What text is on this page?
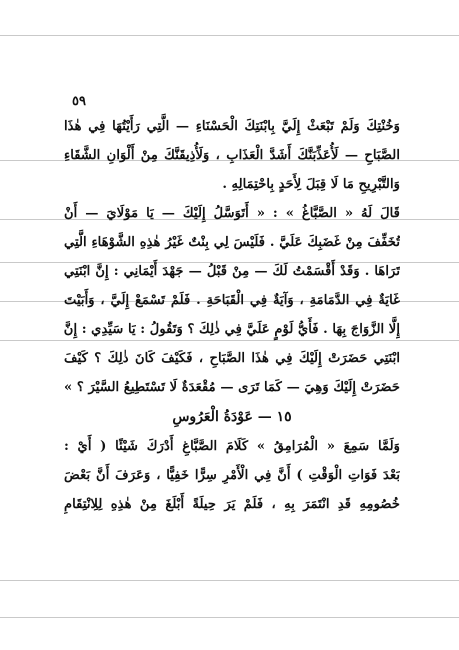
٥٩
وَخُنْتِكَ وَلَمْ تَبْعَثْ إِلَيَّ بِابْنَتِكَ الْحَسْنَاءِ — الَّتِي رَأَيْتُهَا فِي هٰذَا
الصَّبَاحِ — لَأُعَذِّبَنَّكَ أَشَدَّ الْعَذَابِ ، وَلَأُذِيقَنَّكَ مِنْ أَلْوَانِ الشَّقَاءِ
وَالتَّبْرِيحِ مَا لَا قِبَلَ لِأَحَدٍ بِاحْتِمَالِهِ .
قَالَ لَهُ « الصَّبَّاغُ » : « أَتَوَسَّلُ إِلَيْكَ — يَا مَوْلَايَ — أَنْ
تُخَفِّفَ مِنْ غَضَبِكَ عَلَيَّ . فَلَيْسَ لِي بِنْتٌ غَيْرُ هٰذِهِ الشَّوْهَاءِ الَّتِي
تَرَاهَا . وَقَدْ أَقْسَمْتُ لَكَ — مِنْ قَبْلُ — جَهْدَ أَيْمَانِي : إِنَّ ابْنَتِي
غَايَةٌ فِي الدَّمَامَةِ ، وَآيَةٌ فِي الْقَبَاحَةِ . فَلَمْ تَسْمَعْ إِلَيَّ ، وَأَبَيْتَ
إِلَّا الزَّوَاجَ بِهَا . فَأَيُّ لَوْمٍ عَلَيَّ فِي ذٰلِكَ ؟ وَتَقُولُ : يَا سَيِّدِي : إِنَّ
ابْنَتِي حَضَرَتْ إِلَيْكَ فِي هٰذَا الصَّبَاحِ ، فَكَيْفَ كَانَ ذٰلِكَ ؟ كَيْفَ
حَضَرَتْ إِلَيْكَ وَهِيَ — كَمَا تَرَى — مُقْعَدَةٌ لَا تَسْتَطِيعُ السَّيْرَ ؟ »
١٥ — عَوْدَةُ الْعَرُوسِ
وَلَمَّا سَمِعَ « الْمُرَامِقُ » كَلَامَ الصَّبَّاغِ أَدْرَكَ شَيْئًا ( أَيْ :
بَعْدَ فَوَاتِ الْوَقْتِ ) أَنَّ فِي الْأَمْرِ سِرًّا خَفِيًّا ، وَعَرَفَ أَنَّ بَعْضَ
خُصُومِهِ قَدِ انْتَمَرَ بِهِ ، فَلَمْ يَرَ حِيلَةً أَبْلَغَ مِنْ هٰذِهِ لِلِانْتِقَامِ
